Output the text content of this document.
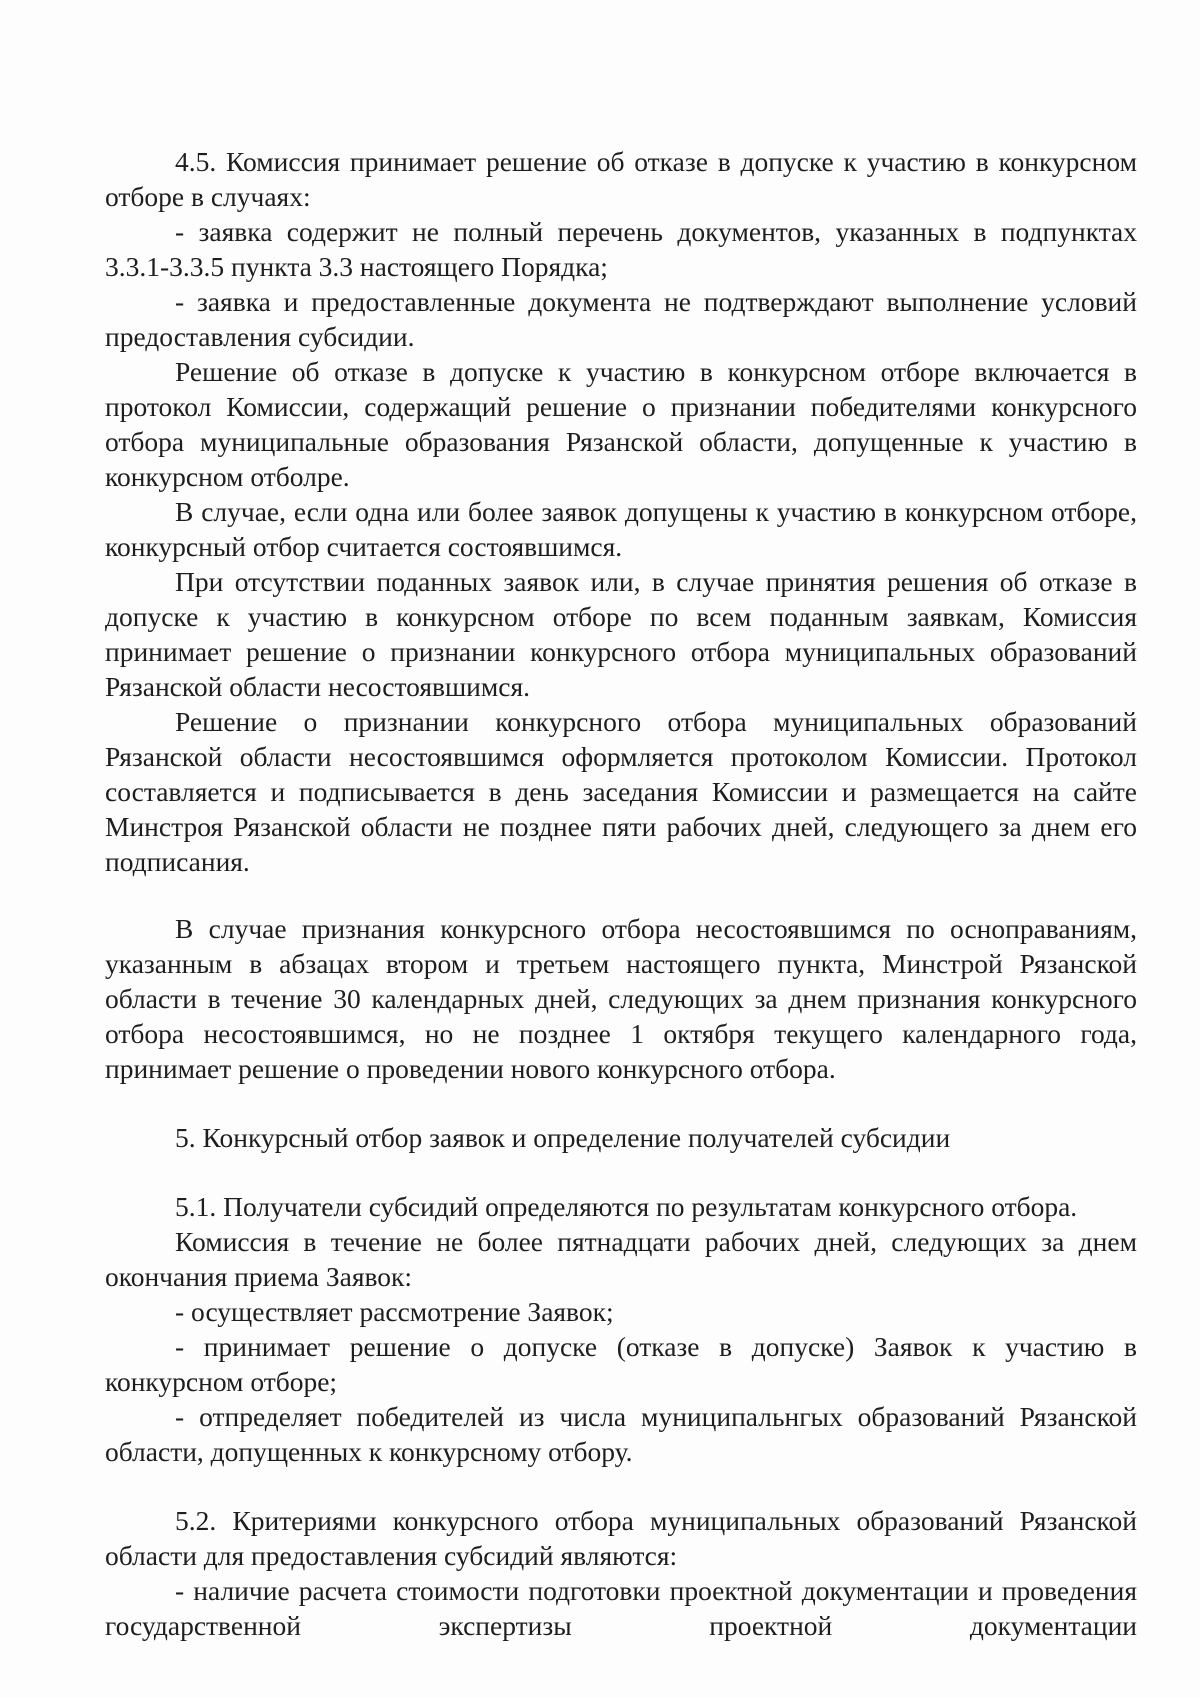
4.5. Комиссия принимает решение об отказе в допуске к участию в конкурсном отборе в случаях:

- заявка содержит не полный перечень документов, указанных в подпунктах 3.3.1-3.3.5 пункта 3.3 настоящего Порядка;

- заявка и предоставленные документа не подтверждают выполнение условий предоставления субсидии.

Решение об отказе в допуске к участию в конкурсном отборе включается в протокол Комиссии, содержащий решение о признании победителями конкурсного отбора муниципальные образования Рязанской области, допущенные к участию в конкурсном отболре.

В случае, если одна или более заявок допущены к участию в конкурсном отборе, конкурсный отбор считается состоявшимся.

При отсутствии поданных заявок или, в случае принятия решения об отказе в допуске к участию в конкурсном отборе по всем поданным заявкам, Комиссия принимает решение о признании конкурсного отбора муниципальных образований Рязанской области несостоявшимся.

Решение о признании конкурсного отбора муниципальных образований Рязанской области несостоявшимся оформляется протоколом Комиссии. Протокол составляется и подписывается в день заседания Комиссии и размещается на сайте Минстроя Рязанской области не позднее пяти рабочих дней, следующего за днем его подписания.

В случае признания конкурсного отбора несостоявшимся по осноправаниям, указанным в абзацах втором и третьем настоящего пункта, Минстрой Рязанской области в течение 30 календарных дней, следующих за днем признания конкурсного отбора несостоявшимся, но не позднее 1 октября текущего календарного года, принимает решение о проведении нового конкурсного отбора.

5. Конкурсный отбор заявок и определение получателей субсидии

5.1. Получатели субсидий определяются по результатам конкурсного отбора.

Комиссия в течение не более пятнадцати рабочих дней, следующих за днем окончания приема Заявок:

- осуществляет рассмотрение Заявок;

- принимает решение о допуске (отказе в допуске) Заявок к участию в конкурсном отборе;

- отпределяет победителей из числа муниципальнгых образований Рязанской области, допущенных к конкурсному отбору.

5.2. Критериями конкурсного отбора муниципальных образований Рязанской области для предоставления субсидий являются:

- наличие расчета стоимости подготовки проектной документации и проведения государственной экспертизы проектной документации
